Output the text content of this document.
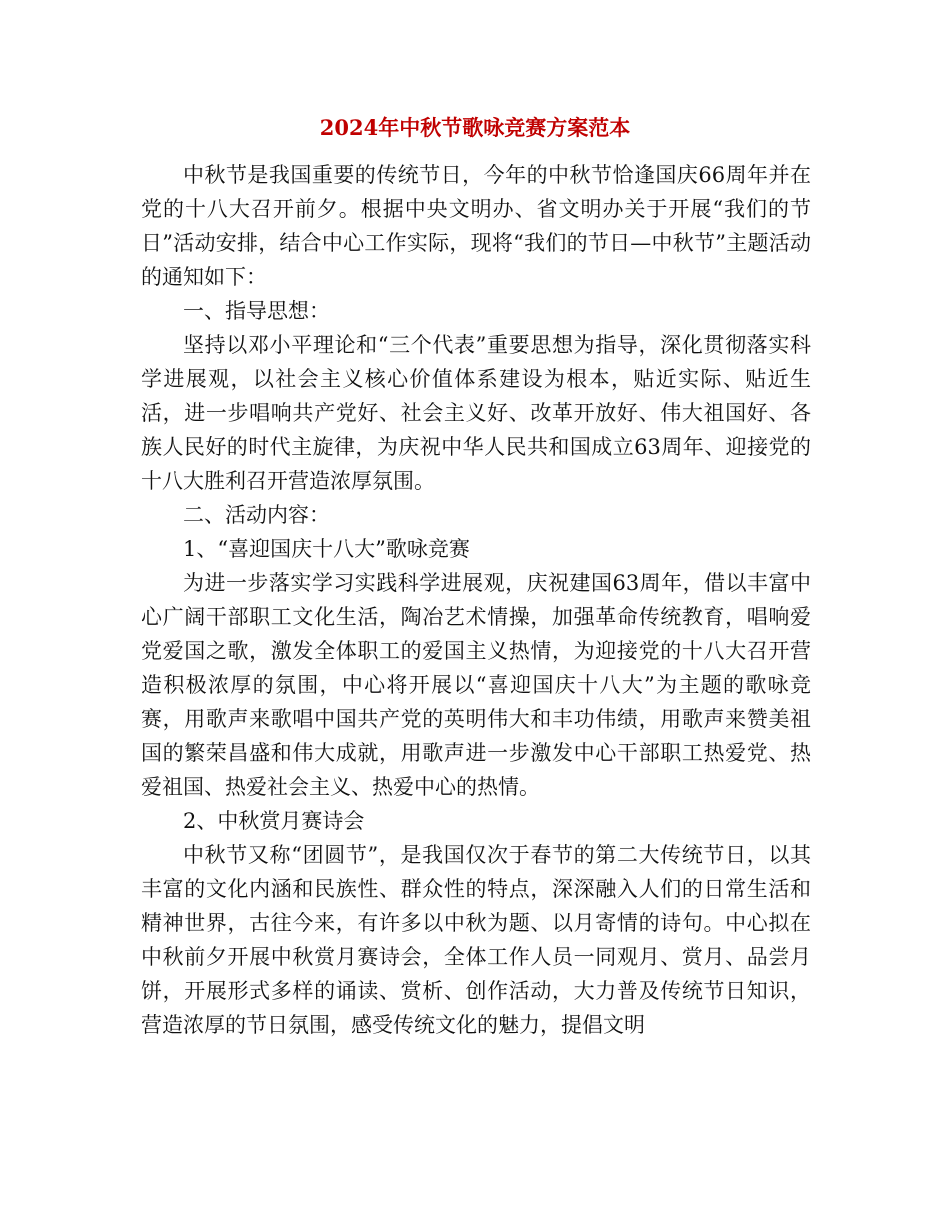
2024年中秋节歌咏竞赛方案范本

中秋节是我国重要的传统节日，今年的中秋节恰逢国庆66周年并在党的十八大召开前夕。根据中央文明办、省文明办关于开展“我们的节日”活动安排，结合中心工作实际，现将“我们的节日—中秋节”主题活动的通知如下：

一、指导思想：

坚持以邓小平理论和“三个代表”重要思想为指导，深化贯彻落实科学进展观，以社会主义核心价值体系建设为根本，贴近实际、贴近生活，进一步唱响共产党好、社会主义好、改革开放好、伟大祖国好、各族人民好的时代主旋律，为庆祝中华人民共和国成立63周年、迎接党的十八大胜利召开营造浓厚氛围。

二、活动内容：

1、“喜迎国庆十八大”歌咏竞赛

为进一步落实学习实践科学进展观，庆祝建国63周年，借以丰富中心广阔干部职工文化生活，陶冶艺术情操，加强革命传统教育，唱响爱党爱国之歌，激发全体职工的爱国主义热情，为迎接党的十八大召开营造积极浓厚的氛围，中心将开展以“喜迎国庆十八大”为主题的歌咏竞赛，用歌声来歌唱中国共产党的英明伟大和丰功伟绩，用歌声来赞美祖国的繁荣昌盛和伟大成就，用歌声进一步激发中心干部职工热爱党、热爱祖国、热爱社会主义、热爱中心的热情。

2、中秋赏月赛诗会

中秋节又称“团圆节”，是我国仅次于春节的第二大传统节日，以其丰富的文化内涵和民族性、群众性的特点，深深融入人们的日常生活和精神世界，古往今来，有许多以中秋为题、以月寄情的诗句。中心拟在中秋前夕开展中秋赏月赛诗会，全体工作人员一同观月、赏月、品尝月饼，开展形式多样的诵读、赏析、创作活动，大力普及传统节日知识，营造浓厚的节日氛围，感受传统文化的魅力，提倡文明
